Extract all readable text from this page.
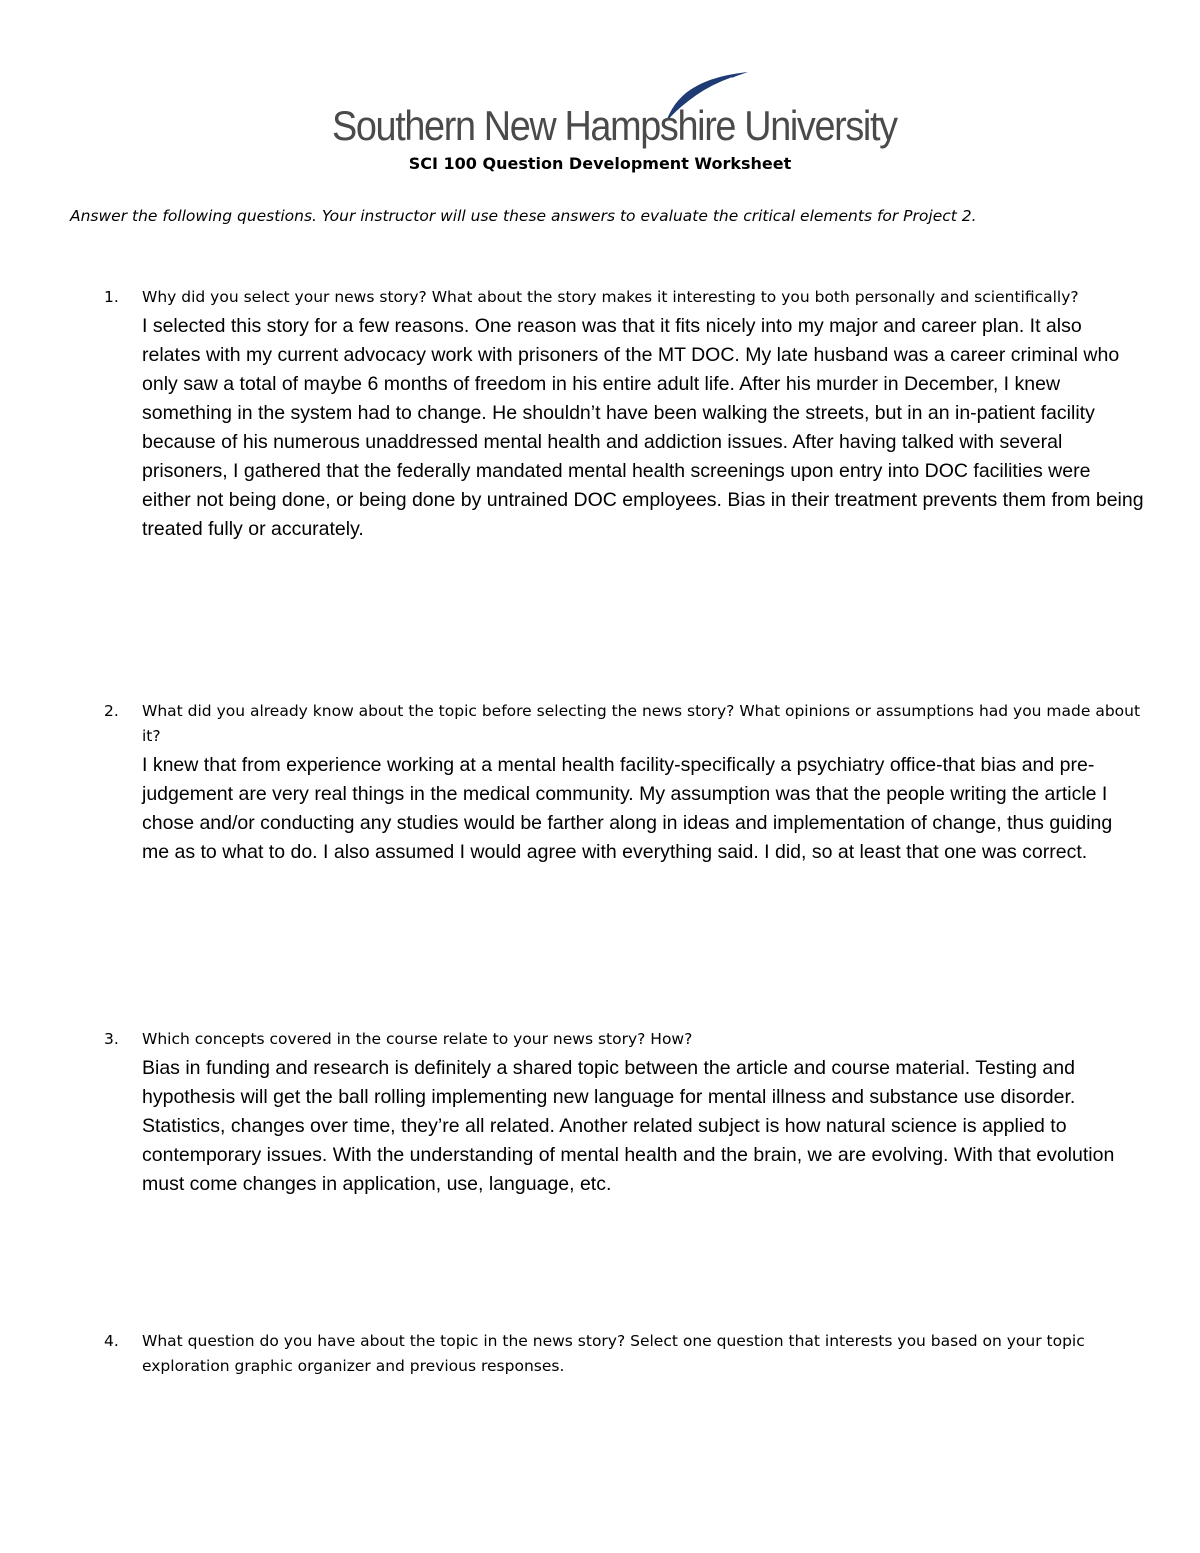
Southern New Hampshire University
SCI 100 Question Development Worksheet
Answer the following questions. Your instructor will use these answers to evaluate the critical elements for Project 2.
1. Why did you select your news story? What about the story makes it interesting to you both personally and scientifically?
I selected this story for a few reasons. One reason was that it fits nicely into my major and career plan. It also relates with my current advocacy work with prisoners of the MT DOC. My late husband was a career criminal who only saw a total of maybe 6 months of freedom in his entire adult life. After his murder in December, I knew something in the system had to change. He shouldn’t have been walking the streets, but in an in-patient facility because of his numerous unaddressed mental health and addiction issues. After having talked with several prisoners, I gathered that the federally mandated mental health screenings upon entry into DOC facilities were either not being done, or being done by untrained DOC employees. Bias in their treatment prevents them from being treated fully or accurately.
2. What did you already know about the topic before selecting the news story? What opinions or assumptions had you made about it?
I knew that from experience working at a mental health facility-specifically a psychiatry office-that bias and pre-judgement are very real things in the medical community. My assumption was that the people writing the article I chose and/or conducting any studies would be farther along in ideas and implementation of change, thus guiding me as to what to do. I also assumed I would agree with everything said. I did, so at least that one was correct.
3. Which concepts covered in the course relate to your news story? How?
Bias in funding and research is definitely a shared topic between the article and course material. Testing and hypothesis will get the ball rolling implementing new language for mental illness and substance use disorder. Statistics, changes over time, they’re all related. Another related subject is how natural science is applied to contemporary issues. With the understanding of mental health and the brain, we are evolving. With that evolution must come changes in application, use, language, etc.
4. What question do you have about the topic in the news story? Select one question that interests you based on your topic exploration graphic organizer and previous responses.
